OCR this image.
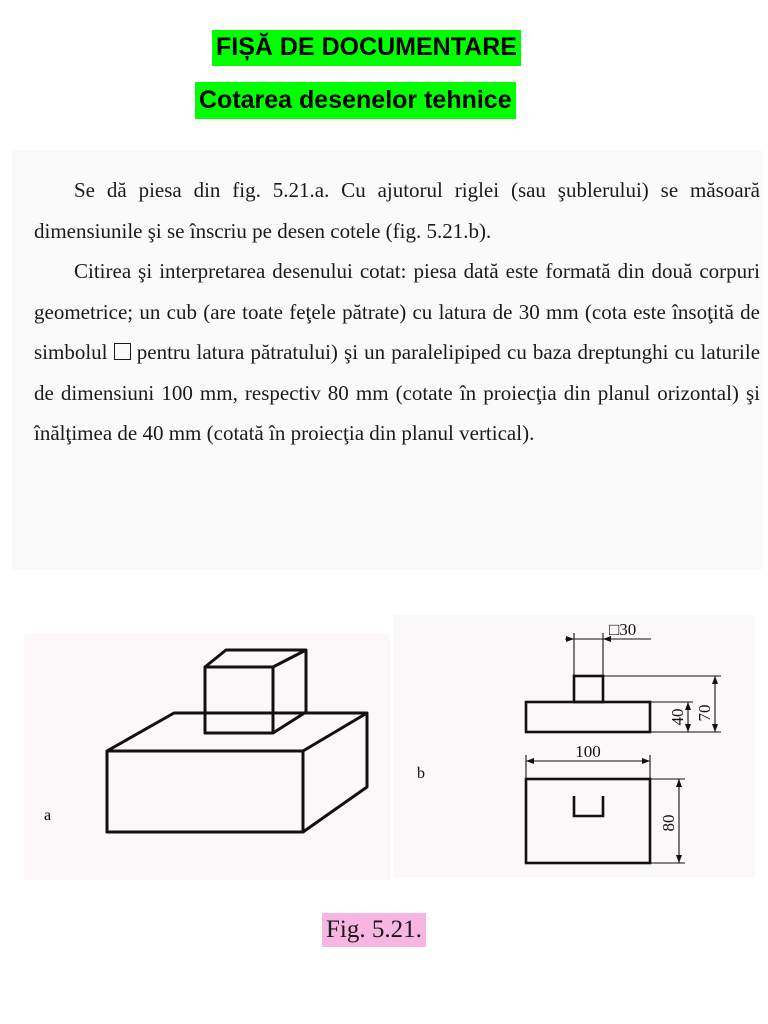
FIȘĂ DE DOCUMENTARE
Cotarea desenelor tehnice

Se dă piesa din fig. 5.21.a. Cu ajutorul riglei (sau şublerului) se măsoară dimensiunile şi se înscriu pe desen cotele (fig. 5.21.b).

Citirea şi interpretarea desenului cotat: piesa dată este formată din două corpuri geometrice; un cub (are toate feţele pătrate) cu latura de 30 mm (cota este însoţită de simbolul pentru latura pătratului) şi un paralelipiped cu baza dreptunghi cu laturile de dimensiuni 100 mm, respectiv 80 mm (cotate în proiecţia din planul orizontal) şi înălţimea de 40 mm (cotată în proiecţia din planul vertical).

a
□30
70
40
100
80
b
Fig. 5.21.
